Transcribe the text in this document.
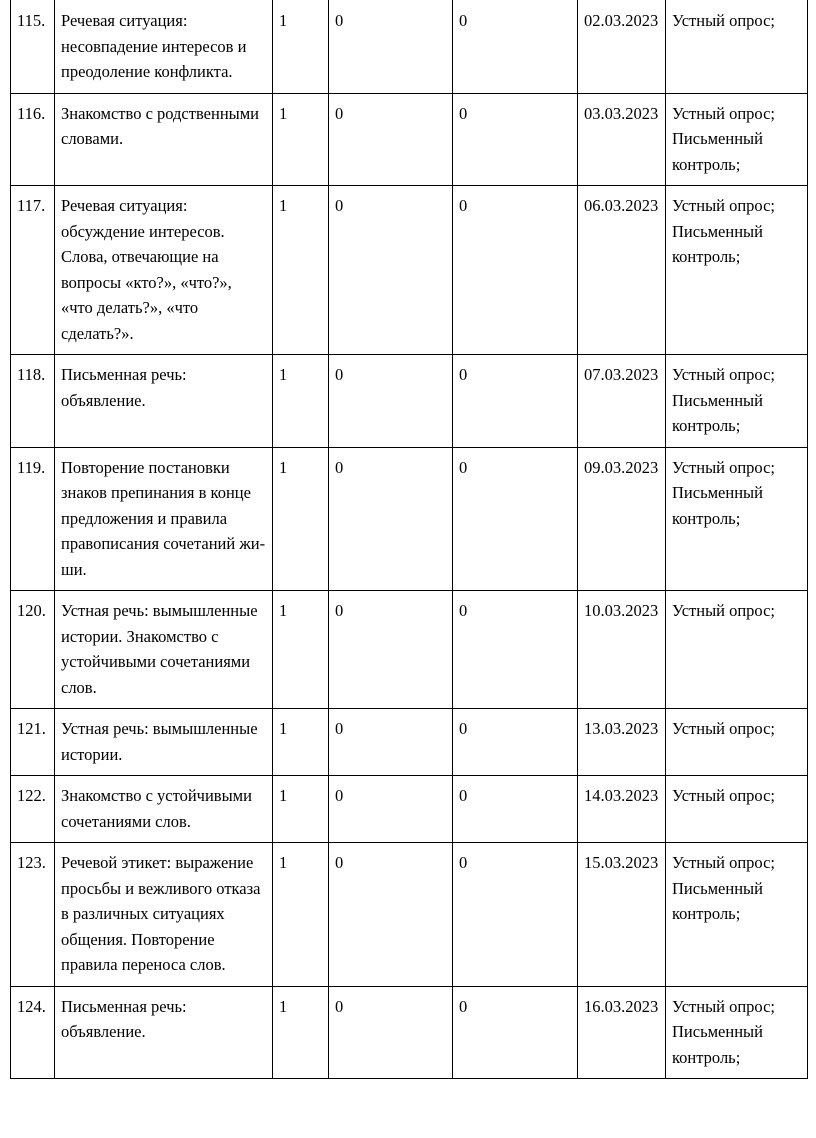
115.	Речевая ситуация: несовпадение интересов и преодоление конфликта.	1	0	0	02.03.2023	Устный опрос;
116.	Знакомство с родственными словами.	1	0	0	03.03.2023	Устный опрос; Письменный контроль;
117.	Речевая ситуация: обсуждение интересов. Слова, отвечающие на вопросы «кто?», «что?», «что делать?», «что сделать?».	1	0	0	06.03.2023	Устный опрос; Письменный контроль;
118.	Письменная речь: объявление.	1	0	0	07.03.2023	Устный опрос; Письменный контроль;
119.	Повторение постановки знаков препинания в конце предложения и правила правописания сочетаний жи-ши.	1	0	0	09.03.2023	Устный опрос; Письменный контроль;
120.	Устная речь: вымышленные истории. Знакомство с устойчивыми сочетаниями слов.	1	0	0	10.03.2023	Устный опрос;
121.	Устная речь: вымышленные истории.	1	0	0	13.03.2023	Устный опрос;
122.	Знакомство с устойчивыми сочетаниями слов.	1	0	0	14.03.2023	Устный опрос;
123.	Речевой этикет: выражение просьбы и вежливого отказа в различных ситуациях общения. Повторение правила переноса слов.	1	0	0	15.03.2023	Устный опрос; Письменный контроль;
124.	Письменная речь: объявление.	1	0	0	16.03.2023	Устный опрос; Письменный контроль;
